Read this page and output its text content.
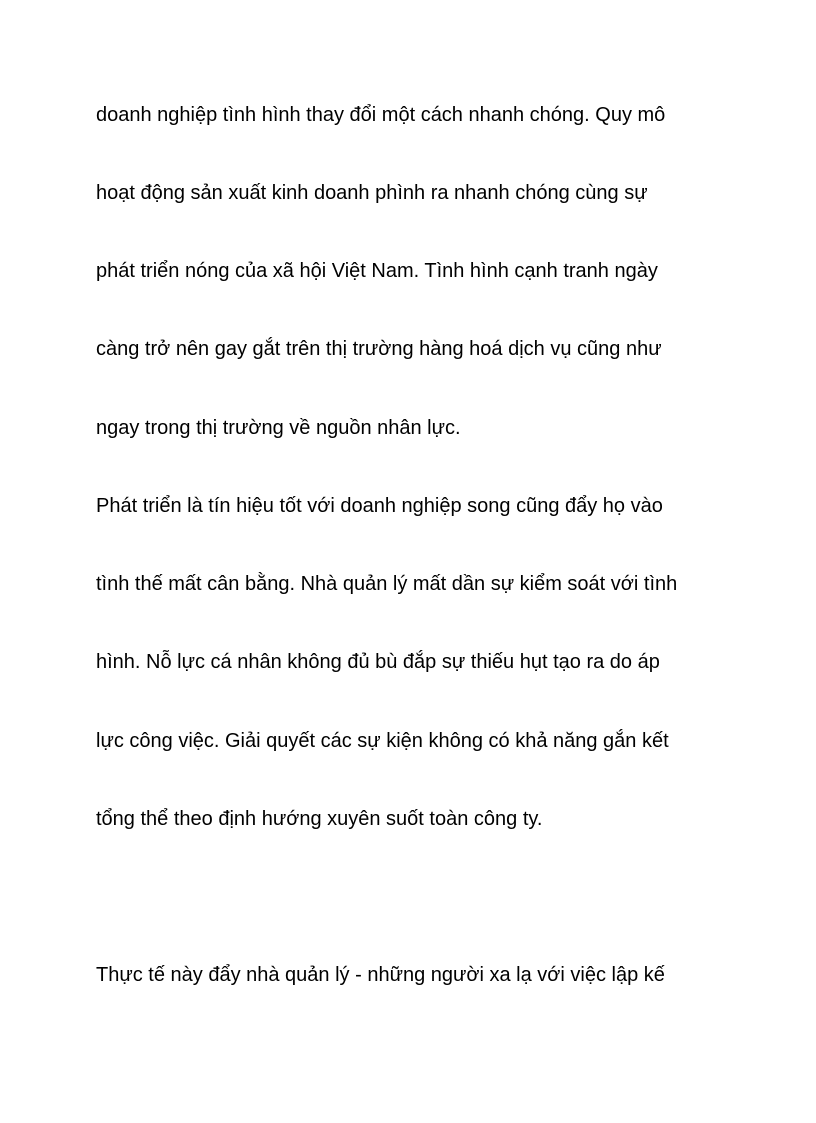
doanh nghiệp tình hình thay đổi một cách nhanh chóng. Quy mô
hoạt động sản xuất kinh doanh phình ra nhanh chóng cùng sự
phát triển nóng của xã hội Việt Nam. Tình hình cạnh tranh ngày
càng trở nên gay gắt trên thị trường hàng hoá dịch vụ cũng như
ngay trong thị trường về nguồn nhân lực.
Phát triển là tín hiệu tốt với doanh nghiệp song cũng đẩy họ vào
tình thế mất cân bằng. Nhà quản lý mất dần sự kiểm soát với tình
hình. Nỗ lực cá nhân không đủ bù đắp sự thiếu hụt tạo ra do áp
lực công việc. Giải quyết các sự kiện không có khả năng gắn kết
tổng thể theo định hướng xuyên suốt toàn công ty.
Thực tế này đẩy nhà quản lý - những người xa lạ với việc lập kế
